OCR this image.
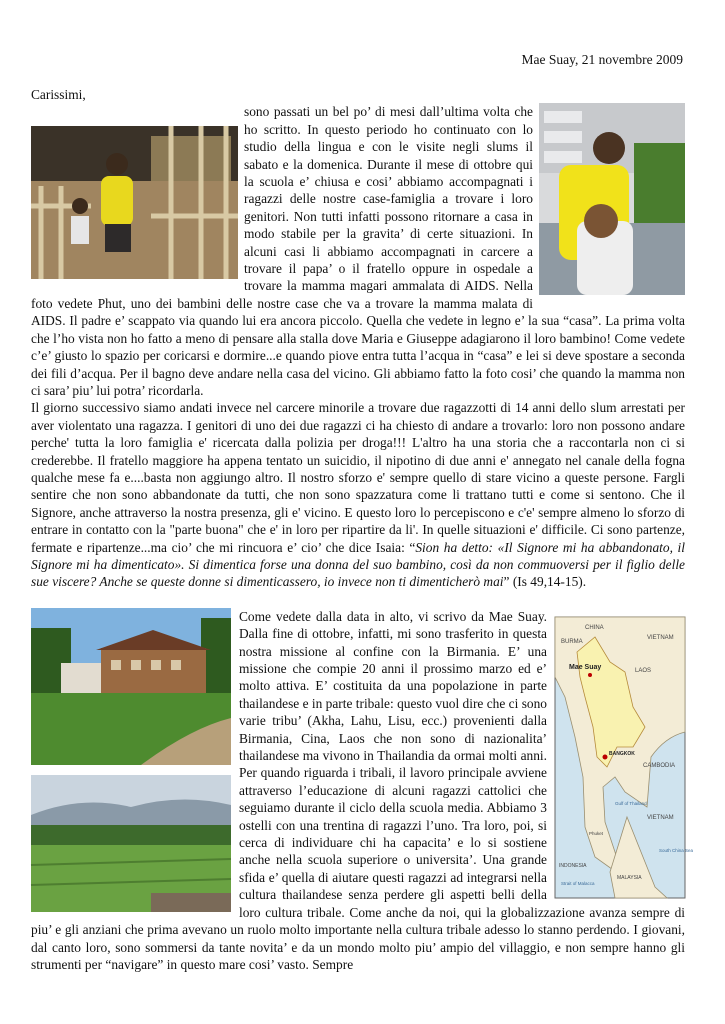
Mae Suay, 21 novembre 2009

Carissimi,

sono passati un bel po’ di mesi dall’ultima volta che ho scritto. In questo periodo ho continuato con lo studio della lingua e con le visite negli slums il sabato e la domenica. Durante il mese di ottobre qui la scuola e’ chiusa e cosi’ abbiamo accompagnati i ragazzi delle nostre case-famiglia a trovare i loro genitori. Non tutti infatti possono ritornare a casa in modo stabile per la gravita’ di certe situazioni. In alcuni casi li abbiamo accompagnati in carcere a trovare il papa’ o il fratello oppure in ospedale a trovare la mamma magari ammalata di AIDS. Nella foto vedete Phut, uno dei bambini delle nostre case che va a trovare la mamma malata di AIDS. Il padre e’ scappato via quando lui era ancora piccolo. Quella che vedete in legno e’ la sua “casa”. La prima volta che l’ho vista non ho fatto a meno di pensare alla stalla dove Maria e Giuseppe adagiarono il loro bambino! Come vedete c’e’ giusto lo spazio per coricarsi e dormire...e quando piove entra tutta l’acqua in “casa” e lei si deve spostare a seconda dei fili d’acqua. Per il bagno deve andare nella casa del vicino. Gli abbiamo fatto la foto cosi’ che quando la mamma non ci sara’ piu’ lui potra’ ricordarla.

Il giorno successivo siamo andati invece nel carcere minorile a trovare due ragazzotti di 14 anni dello slum arrestati per aver violentato una ragazza. I genitori di uno dei due ragazzi ci ha chiesto di andare a trovarlo: loro non possono andare perche' tutta la loro famiglia e' ricercata dalla polizia per droga!!! L'altro ha una storia che a raccontarla non ci si crederebbe. Il fratello maggiore ha appena tentato un suicidio, il nipotino di due anni e' annegato nel canale della fogna qualche mese fa e....basta non aggiungo altro. Il nostro sforzo e' sempre quello di stare vicino a queste persone. Fargli sentire che non sono abbandonate da tutti, che non sono spazzatura come li trattano tutti e come si sentono. Che il Signore, anche attraverso la nostra presenza, gli e' vicino. E questo loro lo percepiscono e c'e' sempre almeno lo sforzo di entrare in contatto con la "parte buona" che e' in loro per ripartire da li'. In quelle situazioni e' difficile. Ci sono partenze, fermate e ripartenze...ma cio’ che mi rincuora e’ cio’ che dice Isaia: “Sion ha detto: «Il Signore mi ha abbandonato, il Signore mi ha dimenticato». Si dimentica forse una donna del suo bambino, così da non commuoversi per il figlio delle sue viscere? Anche se queste donne si dimenticassero, io invece non ti dimenticherò mai” (Is 49,14-15).

CHINA
BURMA
VIETNAM
LAOS
Mae Suay
BANGKOK
CAMBODIA
VIETNAM
Gulf of Thailand
Phuket
INDONESIA
MALAYSIA
South China Sea
Strait of Malacca

Come vedete dalla data in alto, vi scrivo da Mae Suay. Dalla fine di ottobre, infatti, mi sono trasferito in questa nostra missione al confine con la Birmania. E’ una missione che compie 20 anni il prossimo marzo ed e’ molto attiva. E’ costituita da una popolazione in parte thailandese e in parte tribale: questo vuol dire che ci sono varie tribu’ (Akha, Lahu, Lisu, ecc.) provenienti dalla Birmania, Cina, Laos che non sono di nazionalita’ thailandese ma vivono in Thailandia da ormai molti anni. Per quando riguarda i tribali, il lavoro principale avviene attraverso l’educazione di alcuni ragazzi cattolici che seguiamo durante il ciclo della scuola media. Abbiamo 3 ostelli con una trentina di ragazzi l’uno. Tra loro, poi, si cerca di individuare chi ha capacita’ e lo si sostiene anche nella scuola superiore o universita’. Una grande sfida e’ quella di aiutare questi ragazzi ad integrarsi nella cultura thailandese senza perdere gli aspetti belli della loro cultura tribale. Come anche da noi, qui la globalizzazione avanza sempre di piu’ e gli anziani che prima avevano un ruolo molto importante nella cultura tribale adesso lo stanno perdendo. I giovani, dal canto loro, sono sommersi da tante novita’ e da un mondo molto piu’ ampio del villaggio, e non sempre hanno gli strumenti per “navigare” in questo mare cosi’ vasto. Sempre
